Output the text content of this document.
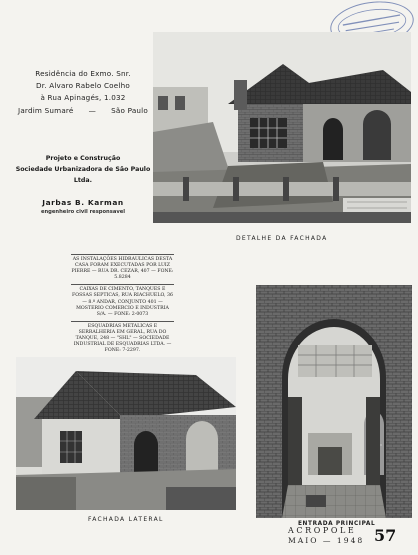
Residência do Exmo. Snr.
Dr. Alvaro Rabelo Coelho
à Rua Apinagés, 1.032
Jardim Sumaré — São Paulo
Projeto e Construção
Sociedade Urbanizadora de São Paulo Ltda.
Jarbas B. Karman
engenheiro civil responsavel
DETALHE DA FACHADA
AS INSTALAÇÕES HIDRAULICAS DESTA CASA FORAM EXECUTADAS POR LUIZ PIERRE — RUA DR. CEZAR, 407 — FONE: 5.8284
CAIXAS DE CIMENTO, TANQUES E FOSSAS SEPTICAS, RUA RIACHUELO, 36 — 8.º ANDAR, CONJUNTO 401 — MOSTERIO COMERCIO E INDUSTRIA S/A. — FONE: 2-0073
ESQUADRIAS METALICAS E SERRALHERIA EM GERAL, RUA DO TANQUE, 248 — "SHL" — SOCIEDADE INDUSTRIAL DE ESQUADRIAS LTDA. — FONE: 7-2297.
FACHADA LATERAL
ENTRADA PRINCIPAL
ACROPOLE
MAIO — 1948 57
